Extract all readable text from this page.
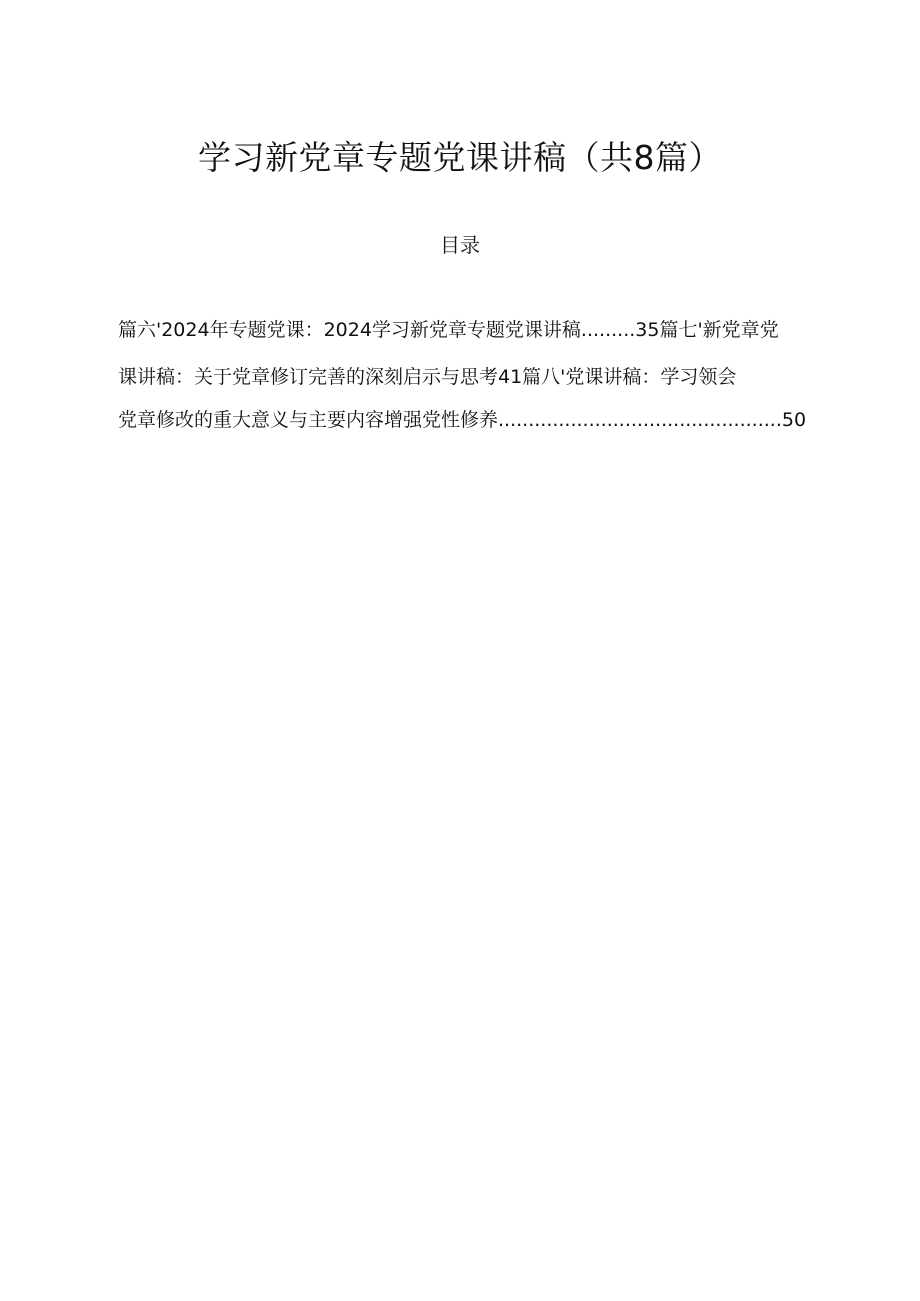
学习新党章专题党课讲稿（共8篇）
目录
篇六'2024年专题党课：2024学习新党章专题党课讲稿.........35篇七'新党章党
课讲稿：关于党章修订完善的深刻启示与思考41篇八'党课讲稿：学习领会
党章修改的重大意义与主要内容增强党性修养...............................................50
